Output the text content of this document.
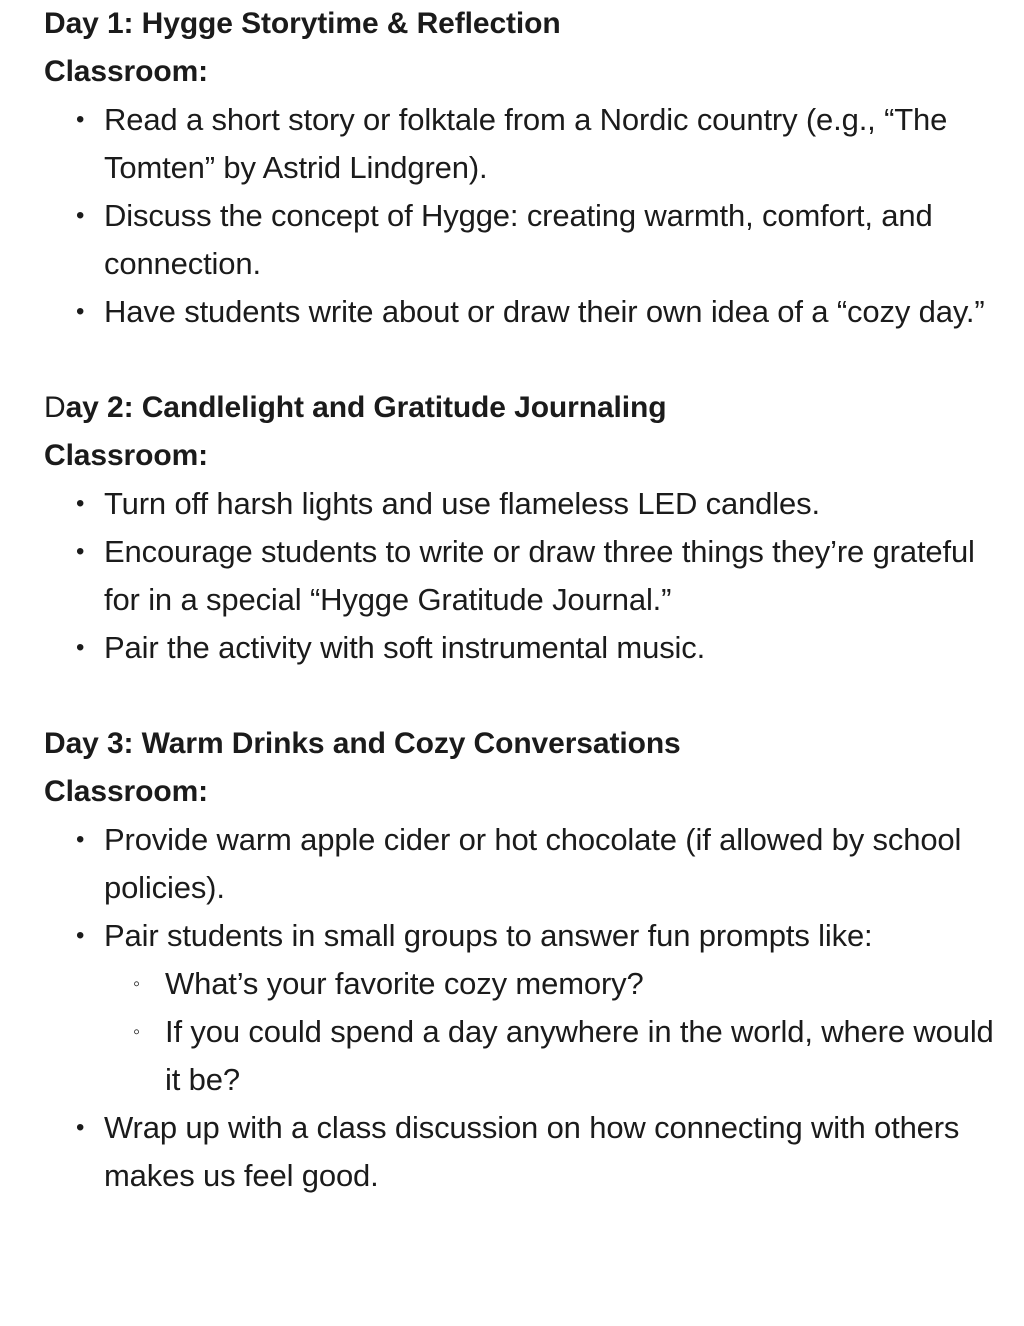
Day 1: Hygge Storytime & Reflection
Classroom:
• Read a short story or folktale from a Nordic country (e.g., “The Tomten” by Astrid Lindgren).
• Discuss the concept of Hygge: creating warmth, comfort, and connection.
• Have students write about or draw their own idea of a “cozy day.”
Day 2: Candlelight and Gratitude Journaling
Classroom:
• Turn off harsh lights and use flameless LED candles.
• Encourage students to write or draw three things they’re grateful for in a special “Hygge Gratitude Journal.”
• Pair the activity with soft instrumental music.
Day 3: Warm Drinks and Cozy Conversations
Classroom:
• Provide warm apple cider or hot chocolate (if allowed by school policies).
• Pair students in small groups to answer fun prompts like:
◦ What’s your favorite cozy memory?
◦ If you could spend a day anywhere in the world, where would it be?
• Wrap up with a class discussion on how connecting with others makes us feel good.
